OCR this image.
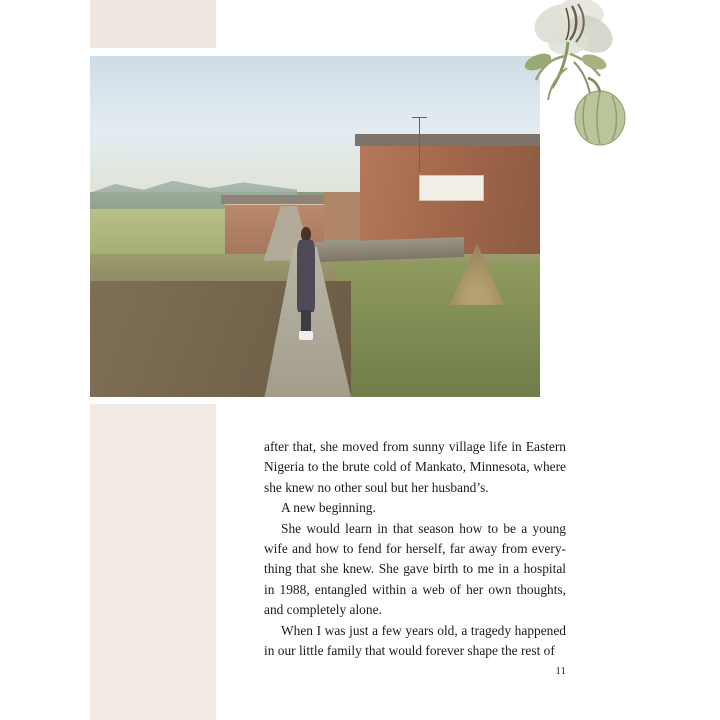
after that, she moved from sunny village life in Eastern Nigeria to the brute cold of Mankato, Minnesota, where she knew no other soul but her husband’s.

A new beginning.

She would learn in that season how to be a young wife and how to fend for herself, far away from everything that she knew. She gave birth to me in a hospital in 1988, entangled within a web of her own thoughts, and completely alone.

When I was just a few years old, a tragedy happened in our little family that would forever shape the rest of

11
